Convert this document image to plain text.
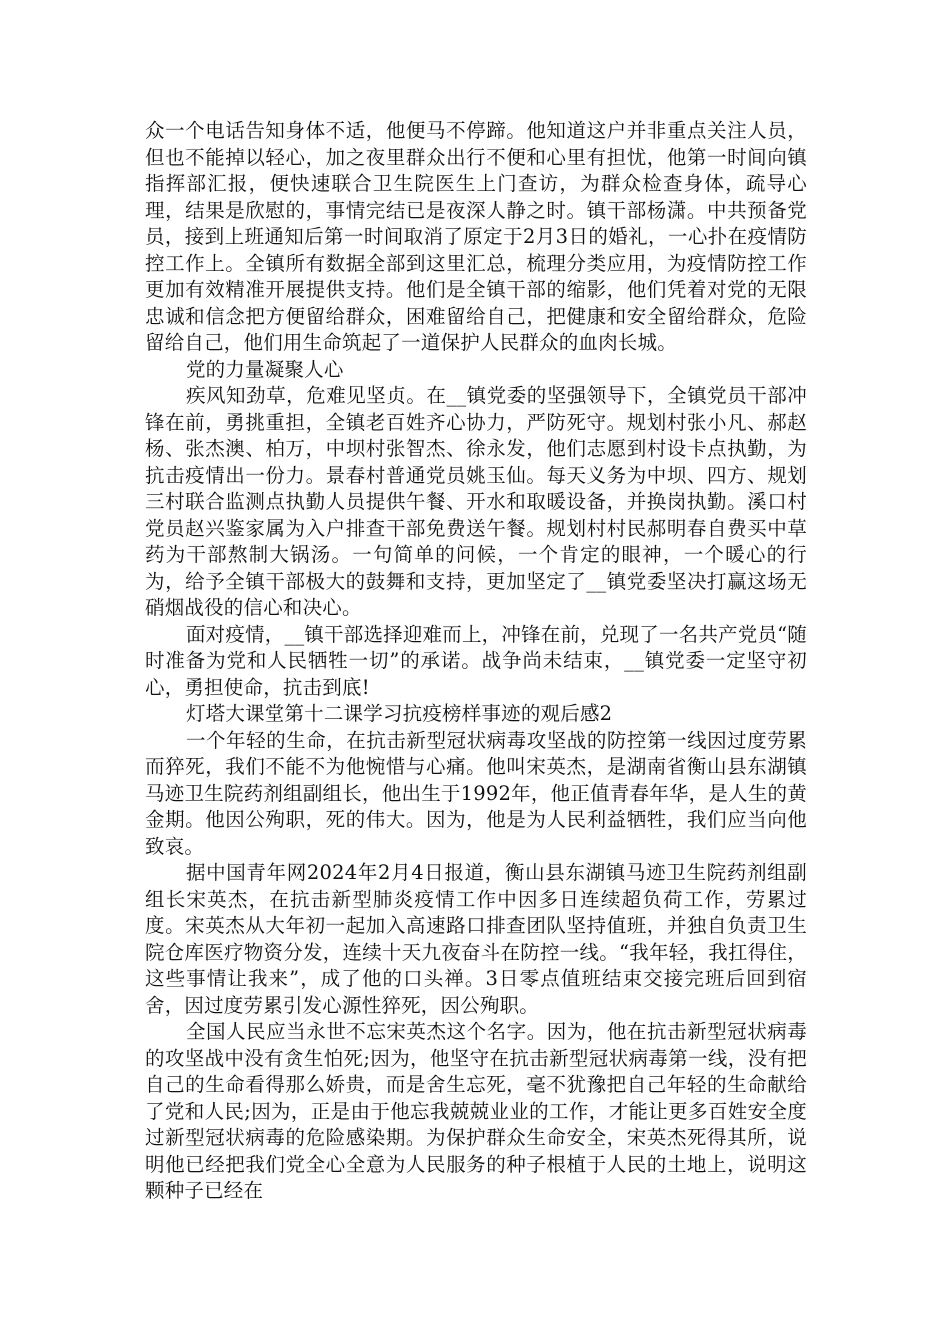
众一个电话告知身体不适，他便马不停蹄。他知道这户并非重点关注人员，但也不能掉以轻心，加之夜里群众出行不便和心里有担忧，他第一时间向镇指挥部汇报，便快速联合卫生院医生上门查访，为群众检查身体，疏导心理，结果是欣慰的，事情完结已是夜深人静之时。镇干部杨潇。中共预备党员，接到上班通知后第一时间取消了原定于2月3日的婚礼，一心扑在疫情防控工作上。全镇所有数据全部到这里汇总，梳理分类应用，为疫情防控工作更加有效精准开展提供支持。他们是全镇干部的缩影，他们凭着对党的无限忠诚和信念把方便留给群众，困难留给自己，把健康和安全留给群众，危险留给自己，他们用生命筑起了一道保护人民群众的血肉长城。

党的力量凝聚人心

疾风知劲草，危难见坚贞。在__镇党委的坚强领导下，全镇党员干部冲锋在前，勇挑重担，全镇老百姓齐心协力，严防死守。规划村张小凡、郝赵杨、张杰澳、柏万，中坝村张智杰、徐永发，他们志愿到村设卡点执勤，为抗击疫情出一份力。景春村普通党员姚玉仙。每天义务为中坝、四方、规划三村联合监测点执勤人员提供午餐、开水和取暖设备，并换岗执勤。溪口村党员赵兴鉴家属为入户排查干部免费送午餐。规划村村民郝明春自费买中草药为干部熬制大锅汤。一句简单的问候，一个肯定的眼神，一个暖心的行为，给予全镇干部极大的鼓舞和支持，更加坚定了__镇党委坚决打赢这场无硝烟战役的信心和决心。

面对疫情，__镇干部选择迎难而上，冲锋在前，兑现了一名共产党员“随时准备为党和人民牺牲一切”的承诺。战争尚未结束，__镇党委一定坚守初心，勇担使命，抗击到底!

灯塔大课堂第十二课学习抗疫榜样事迹的观后感2

一个年轻的生命，在抗击新型冠状病毒攻坚战的防控第一线因过度劳累而猝死，我们不能不为他惋惜与心痛。他叫宋英杰，是湖南省衡山县东湖镇马迹卫生院药剂组副组长，他出生于1992年，他正值青春年华，是人生的黄金期。他因公殉职，死的伟大。因为，他是为人民利益牺牲，我们应当向他致哀。

据中国青年网2024年2月4日报道，衡山县东湖镇马迹卫生院药剂组副组长宋英杰，在抗击新型肺炎疫情工作中因多日连续超负荷工作，劳累过度。宋英杰从大年初一起加入高速路口排查团队坚持值班，并独自负责卫生院仓库医疗物资分发，连续十天九夜奋斗在防控一线。“我年轻，我扛得住，这些事情让我来”，成了他的口头禅。3日零点值班结束交接完班后回到宿舍，因过度劳累引发心源性猝死，因公殉职。

全国人民应当永世不忘宋英杰这个名字。因为，他在抗击新型冠状病毒的攻坚战中没有贪生怕死;因为，他坚守在抗击新型冠状病毒第一线，没有把自己的生命看得那么娇贵，而是舍生忘死，毫不犹豫把自己年轻的生命献给了党和人民;因为，正是由于他忘我兢兢业业的工作，才能让更多百姓安全度过新型冠状病毒的危险感染期。为保护群众生命安全，宋英杰死得其所，说明他已经把我们党全心全意为人民服务的种子根植于人民的土地上，说明这颗种子已经在
